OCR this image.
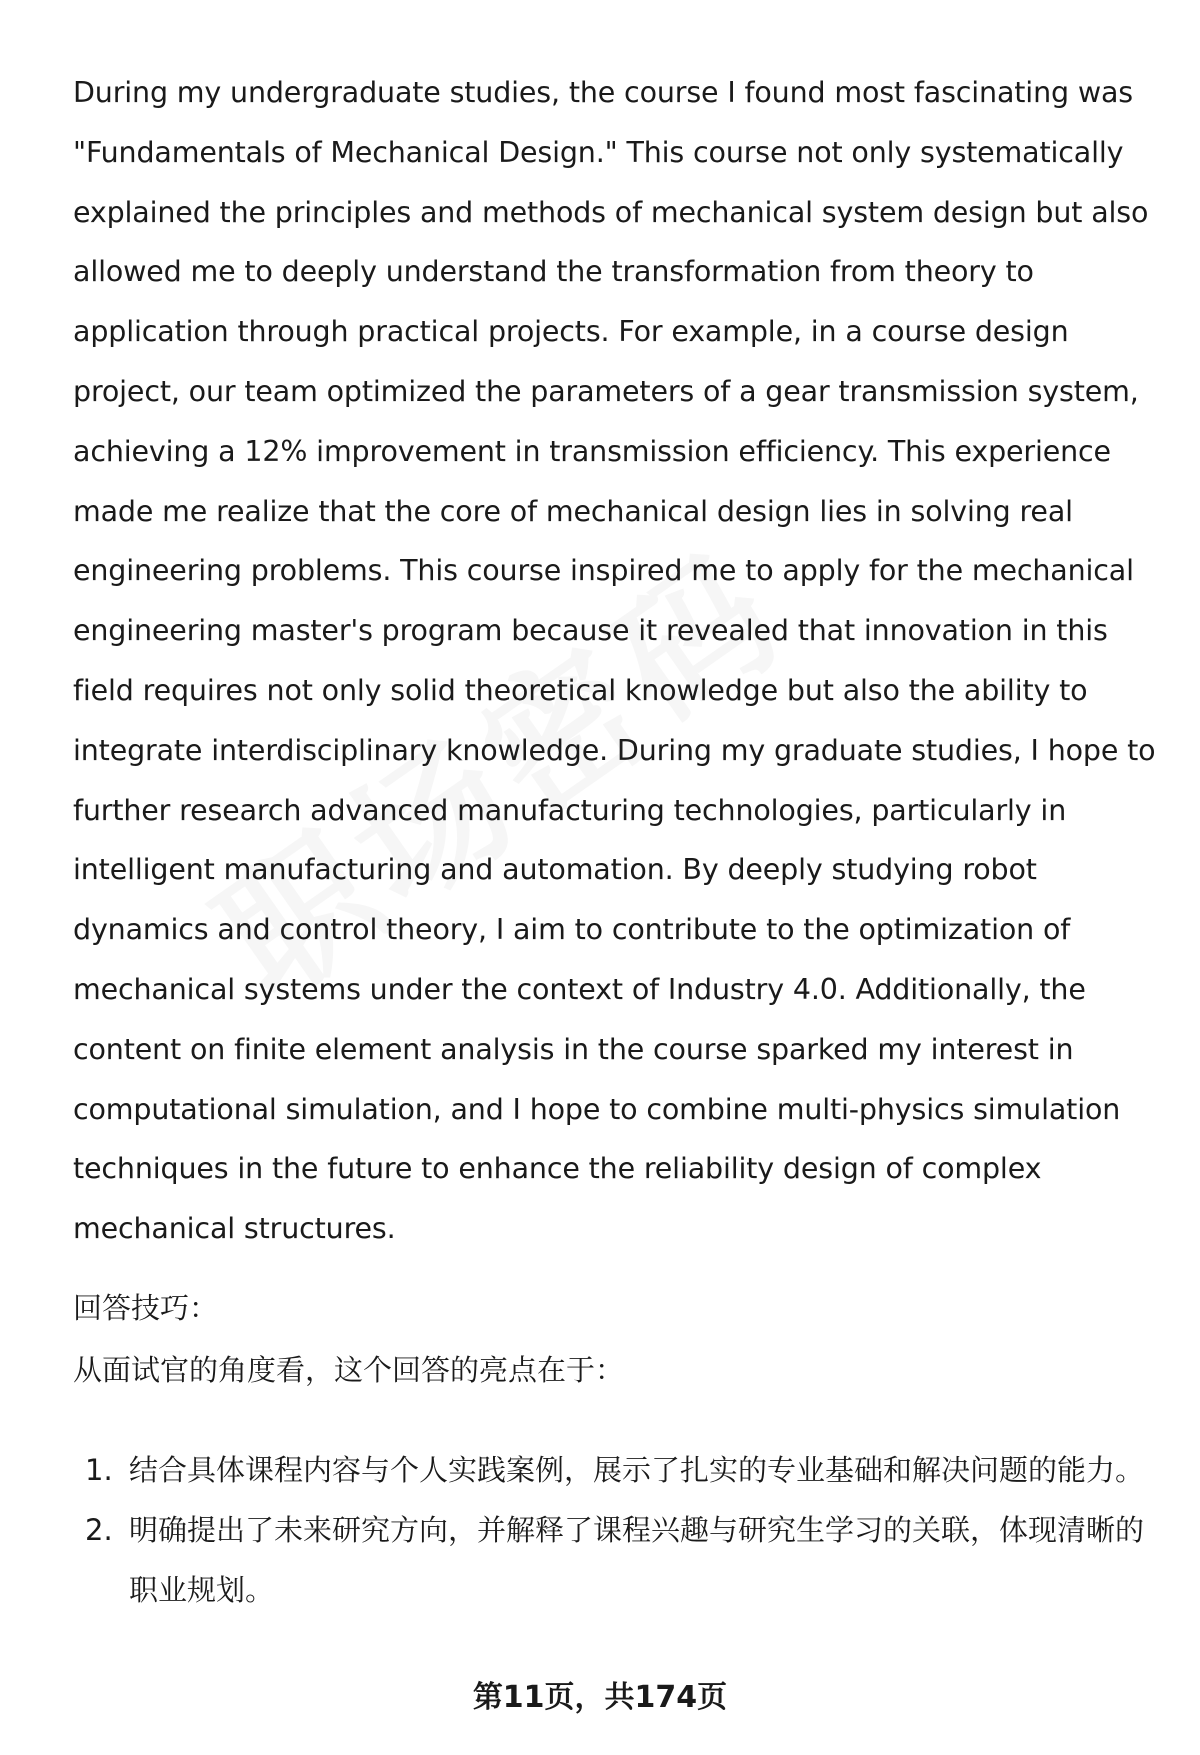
During my undergraduate studies, the course I found most fascinating was "Fundamentals of Mechanical Design." This course not only systematically explained the principles and methods of mechanical system design but also allowed me to deeply understand the transformation from theory to application through practical projects. For example, in a course design project, our team optimized the parameters of a gear transmission system, achieving a 12% improvement in transmission efficiency. This experience made me realize that the core of mechanical design lies in solving real engineering problems. This course inspired me to apply for the mechanical engineering master's program because it revealed that innovation in this field requires not only solid theoretical knowledge but also the ability to integrate interdisciplinary knowledge. During my graduate studies, I hope to further research advanced manufacturing technologies, particularly in intelligent manufacturing and automation. By deeply studying robot dynamics and control theory, I aim to contribute to the optimization of mechanical systems under the context of Industry 4.0. Additionally, the content on finite element analysis in the course sparked my interest in computational simulation, and I hope to combine multi-physics simulation techniques in the future to enhance the reliability design of complex mechanical structures.

回答技巧：

从面试官的角度看，这个回答的亮点在于：

1. 结合具体课程内容与个人实践案例，展示了扎实的专业基础和解决问题的能力。
2. 明确提出了未来研究方向，并解释了课程兴趣与研究生学习的关联，体现清晰的职业规划。
第11页，共174页
